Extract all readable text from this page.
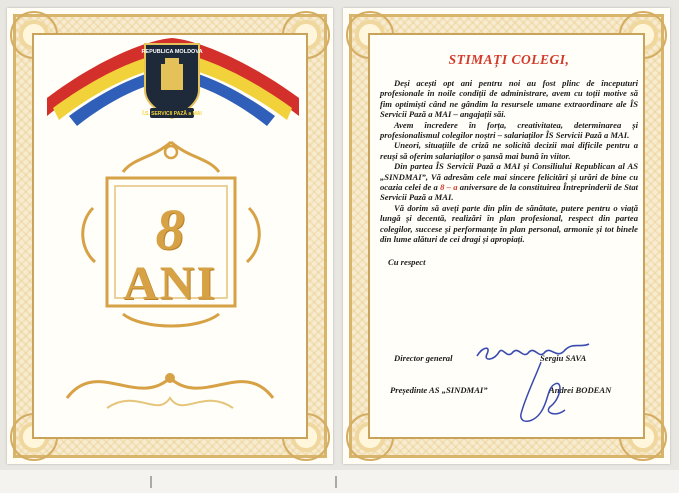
REPUBLICA MOLDOVA
Î.S. SERVICII PAZĂ a MAI
8
ANI
STIMAȚI COLEGI,

Deși acești opt ani pentru noi au fost plinc de începuturi profesionale în noile condiții de administrare, avem cu toții motive să fim optimiști când ne gândim la resursele umane extraordinare ale ÎS Servicii Pază a MAI – angajații săi.

Avem încredere în forța, creativitatea, determinarea și profesionalismul colegilor noștri – salariaților ÎS Servicii Pază a MAI.

Uneori, situațiile de criză ne solicită decizii mai dificile pentru a reuși să oferim salariaților o șansă mai bună în viitor.

Din partea ÎS Servicii Pază a MAI și Consiliului Republican al AS „SINDMAI”, Vă adresăm cele mai sincere felicitări și urări de bine cu ocazia celei de a 8 – a aniversare de la constituirea Întreprinderii de Stat Servicii Pază a MAI.

Vă dorim să aveți parte din plin de sănătate, putere pentru o viață lungă și decentă, realizări în plan profesional, respect din partea colegilor, succese și performanțe în plan personal, armonie și tot binele din lume alături de cei dragi și apropiați.

Cu respect
Director general	Sergiu SAVA
Președinte AS „SINDMAI”	Andrei BODEAN
